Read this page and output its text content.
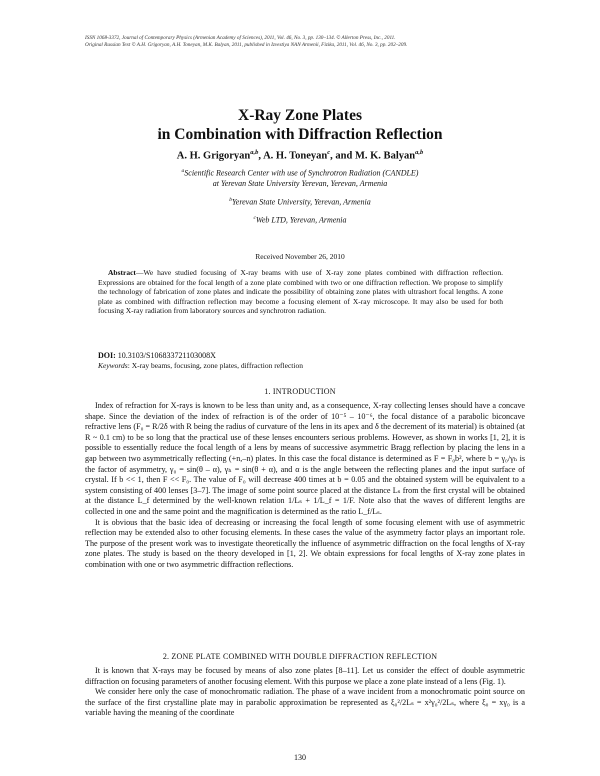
ISSN 1068-3372, Journal of Contemporary Physics (Armenian Academy of Sciences), 2011, Vol. 46, No. 3, pp. 130–134. © Allerton Press, Inc., 2011.
Original Russian Text © A.H. Grigoryan, A.H. Toneyan, M.K. Balyan, 2011, published in Izvestiya NAN Armenii, Fizika, 2011, Vol. 46, No. 3, pp. 202–209.
X-Ray Zone Plates
in Combination with Diffraction Reflection
A. H. Grigoryan$^{a,b}$, A. H. Toneyan$^c$, and M. K. Balyan$^{a,b}$
$^a$Scientific Research Center with use of Synchrotron Radiation (CANDLE)
at Yerevan State University Yerevan, Yerevan, Armenia
$^b$Yerevan State University, Yerevan, Armenia
$^c$Web LTD, Yerevan, Armenia
Received November 26, 2010
Abstract—We have studied focusing of X-ray beams with use of X-ray zone plates combined with diffraction reflection. Expressions are obtained for the focal length of a zone plate combined with two or one diffraction reflection. We propose to simplify the technology of fabrication of zone plates and indicate the possibility of obtaining zone plates with ultrashort focal lengths. A zone plate as combined with diffraction reflection may become a focusing element of X-ray microscope. It may also be used for both focusing X-ray radiation from laboratory sources and synchrotron radiation.
DOI: 10.3103/S106833721103008X
Keywords: X-ray beams, focusing, zone plates, diffraction reflection
1. INTRODUCTION

Index of refraction for X-rays is known to be less than unity and, as a consequence, X-ray collecting lenses should have a concave shape. Since the deviation of the index of refraction is of the order of 10⁻⁵ – 10⁻⁶, the focal distance of a parabolic biconcave refractive lens (F₀ = R/2δ with R being the radius of curvature of the lens in its apex and δ the decrement of its material) is obtained (at R ~ 0.1 cm) to be so long that the practical use of these lenses encounters serious problems. However, as shown in works [1, 2], it is possible to essentially reduce the focal length of a lens by means of successive asymmetric Bragg reflection by placing the lens in a gap between two asymmetrically reflecting (+n,–n) plates. In this case the focal distance is determined as F = F₀b², where b = γ₀/γₕ is the factor of asymmetry, γ₀ = sin(θ – α), γₕ = sin(θ + α), and α is the angle between the reflecting planes and the input surface of crystal. If b << 1, then F << F₀. The value of F₀ will decrease 400 times at b = 0.05 and the obtained system will be equivalent to a system consisting of 400 lenses [3–7]. The image of some point source placed at the distance Lₛ from the first crystal will be obtained at the distance L_f determined by the well-known relation 1/Lₛ + 1/L_f = 1/F. Note also that the waves of different lengths are collected in one and the same point and the magnification is determined as the ratio L_f/Lₛ.

It is obvious that the basic idea of decreasing or increasing the focal length of some focusing element with use of asymmetric reflection may be extended also to other focusing elements. In these cases the value of the asymmetry factor plays an important role. The purpose of the present work was to investigate theoretically the influence of asymmetric diffraction on the focal lengths of X-ray zone plates. The study is based on the theory developed in [1, 2]. We obtain expressions for focal lengths of X-ray zone plates in combination with one or two asymmetric diffraction reflections.

2. ZONE PLATE COMBINED WITH DOUBLE DIFFRACTION REFLECTION

It is known that X-rays may be focused by means of also zone plates [8–11]. Let us consider the effect of double asymmetric diffraction on focusing parameters of another focusing element. With this purpose we place a zone plate instead of a lens (Fig. 1).

We consider here only the case of monochromatic radiation. The phase of a wave incident from a monochromatic point source on the surface of the first crystalline plate may in parabolic approximation be represented as ξ₀²/2Lₛ = x²γ₀²/2Lₛ, where ξ₀ = xγ₀ is a variable having the meaning of the coordinate

130
